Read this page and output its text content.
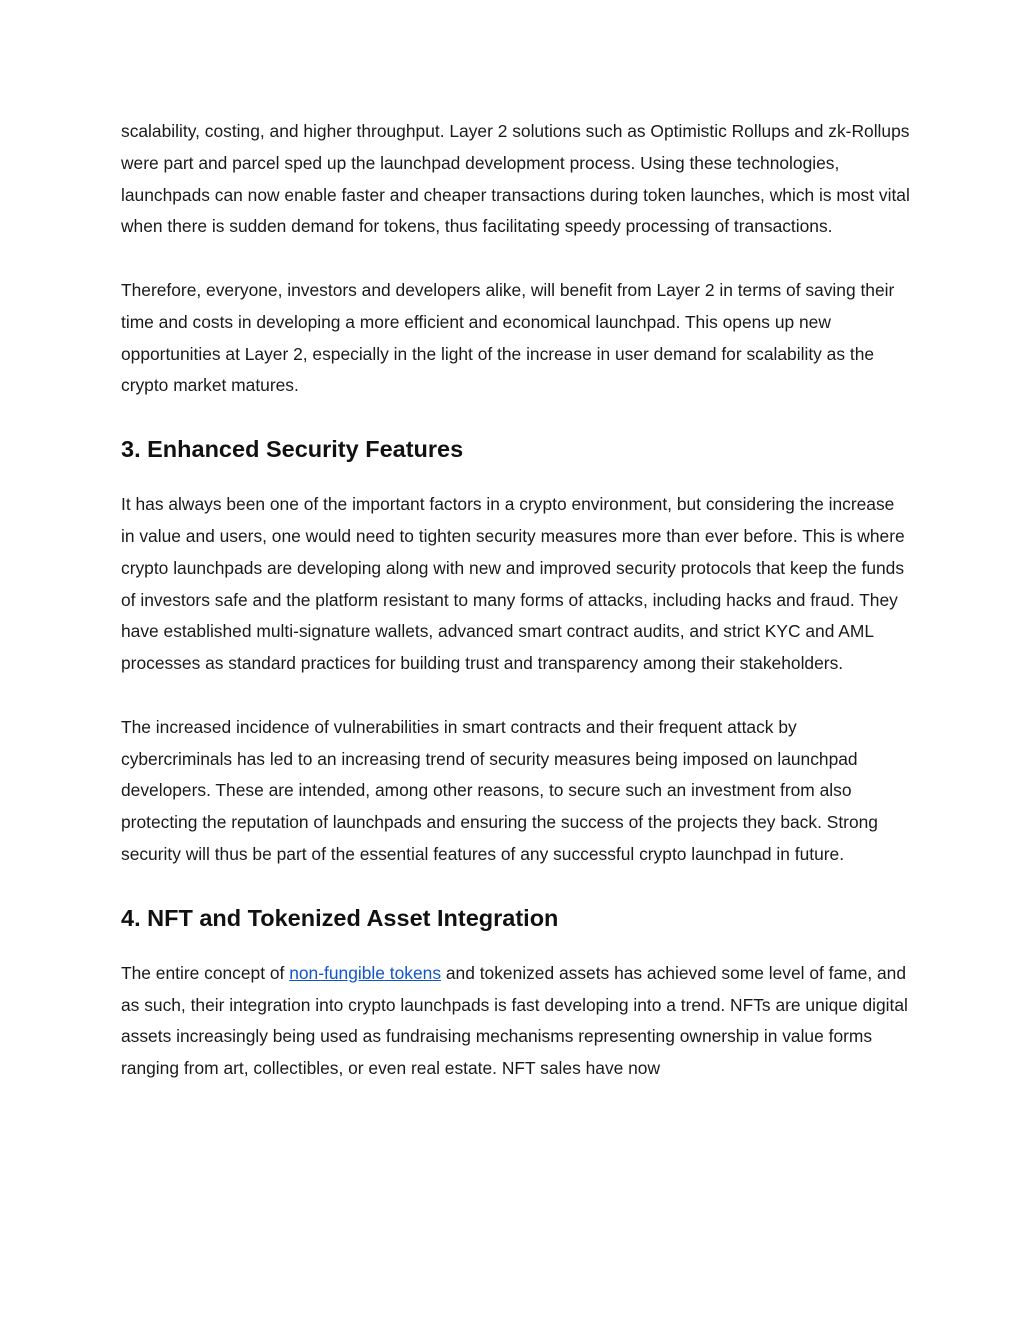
scalability, costing, and higher throughput. Layer 2 solutions such as Optimistic Rollups and zk-Rollups were part and parcel sped up the launchpad development process. Using these technologies, launchpads can now enable faster and cheaper transactions during token launches, which is most vital when there is sudden demand for tokens, thus facilitating speedy processing of transactions.

Therefore, everyone, investors and developers alike, will benefit from Layer 2 in terms of saving their time and costs in developing a more efficient and economical launchpad. This opens up new opportunities at Layer 2, especially in the light of the increase in user demand for scalability as the crypto market matures.

3. Enhanced Security Features

It has always been one of the important factors in a crypto environment, but considering the increase in value and users, one would need to tighten security measures more than ever before. This is where crypto launchpads are developing along with new and improved security protocols that keep the funds of investors safe and the platform resistant to many forms of attacks, including hacks and fraud. They have established multi-signature wallets, advanced smart contract audits, and strict KYC and AML processes as standard practices for building trust and transparency among their stakeholders.

The increased incidence of vulnerabilities in smart contracts and their frequent attack by cybercriminals has led to an increasing trend of security measures being imposed on launchpad developers. These are intended, among other reasons, to secure such an investment from also protecting the reputation of launchpads and ensuring the success of the projects they back. Strong security will thus be part of the essential features of any successful crypto launchpad in future.

4. NFT and Tokenized Asset Integration

The entire concept of non-fungible tokens and tokenized assets has achieved some level of fame, and as such, their integration into crypto launchpads is fast developing into a trend. NFTs are unique digital assets increasingly being used as fundraising mechanisms representing ownership in value forms ranging from art, collectibles, or even real estate. NFT sales have now
